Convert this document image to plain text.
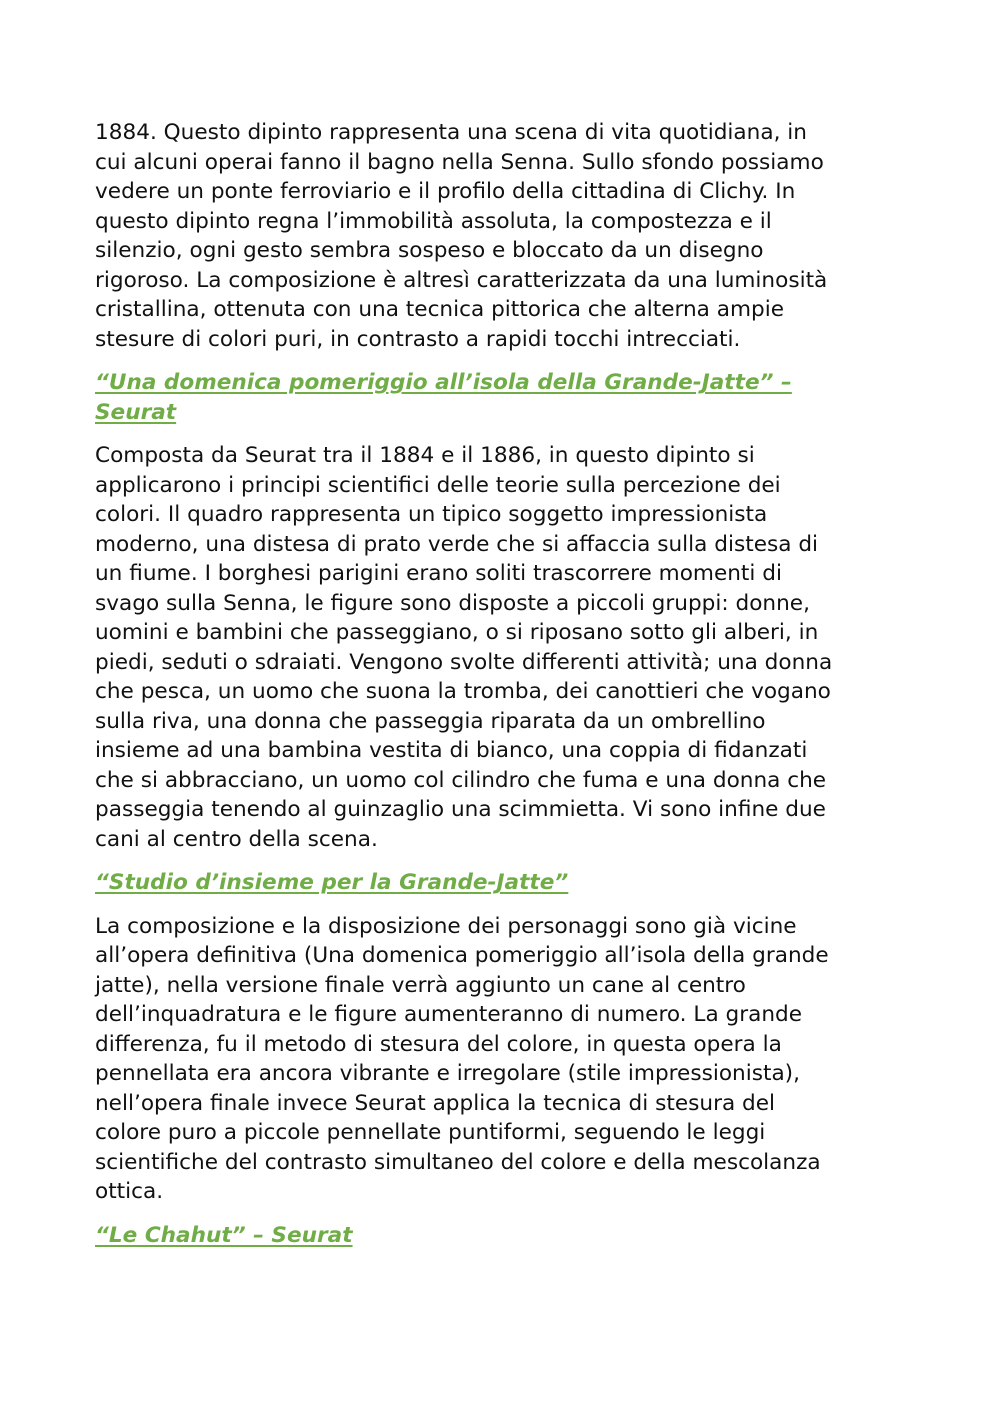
1884. Questo dipinto rappresenta una scena di vita quotidiana, in
cui alcuni operai fanno il bagno nella Senna. Sullo sfondo possiamo
vedere un ponte ferroviario e il profilo della cittadina di Clichy. In
questo dipinto regna l’immobilità assoluta, la compostezza e il
silenzio, ogni gesto sembra sospeso e bloccato da un disegno
rigoroso. La composizione è altresì caratterizzata da una luminosità
cristallina, ottenuta con una tecnica pittorica che alterna ampie
stesure di colori puri, in contrasto a rapidi tocchi intrecciati.

“Una domenica pomeriggio all’isola della Grande-Jatte” –
Seurat

Composta da Seurat tra il 1884 e il 1886, in questo dipinto si
applicarono i principi scientifici delle teorie sulla percezione dei
colori. Il quadro rappresenta un tipico soggetto impressionista
moderno, una distesa di prato verde che si affaccia sulla distesa di
un fiume. I borghesi parigini erano soliti trascorrere momenti di
svago sulla Senna, le figure sono disposte a piccoli gruppi: donne,
uomini e bambini che passeggiano, o si riposano sotto gli alberi, in
piedi, seduti o sdraiati. Vengono svolte differenti attività; una donna
che pesca, un uomo che suona la tromba, dei canottieri che vogano
sulla riva, una donna che passeggia riparata da un ombrellino
insieme ad una bambina vestita di bianco, una coppia di fidanzati
che si abbracciano, un uomo col cilindro che fuma e una donna che
passeggia tenendo al guinzaglio una scimmietta. Vi sono infine due
cani al centro della scena.

“Studio d’insieme per la Grande-Jatte”

La composizione e la disposizione dei personaggi sono già vicine
all’opera definitiva (Una domenica pomeriggio all’isola della grande
jatte), nella versione finale verrà aggiunto un cane al centro
dell’inquadratura e le figure aumenteranno di numero. La grande
differenza, fu il metodo di stesura del colore, in questa opera la
pennellata era ancora vibrante e irregolare (stile impressionista),
nell’opera finale invece Seurat applica la tecnica di stesura del
colore puro a piccole pennellate puntiformi, seguendo le leggi
scientifiche del contrasto simultaneo del colore e della mescolanza
ottica.

“Le Chahut” – Seurat
